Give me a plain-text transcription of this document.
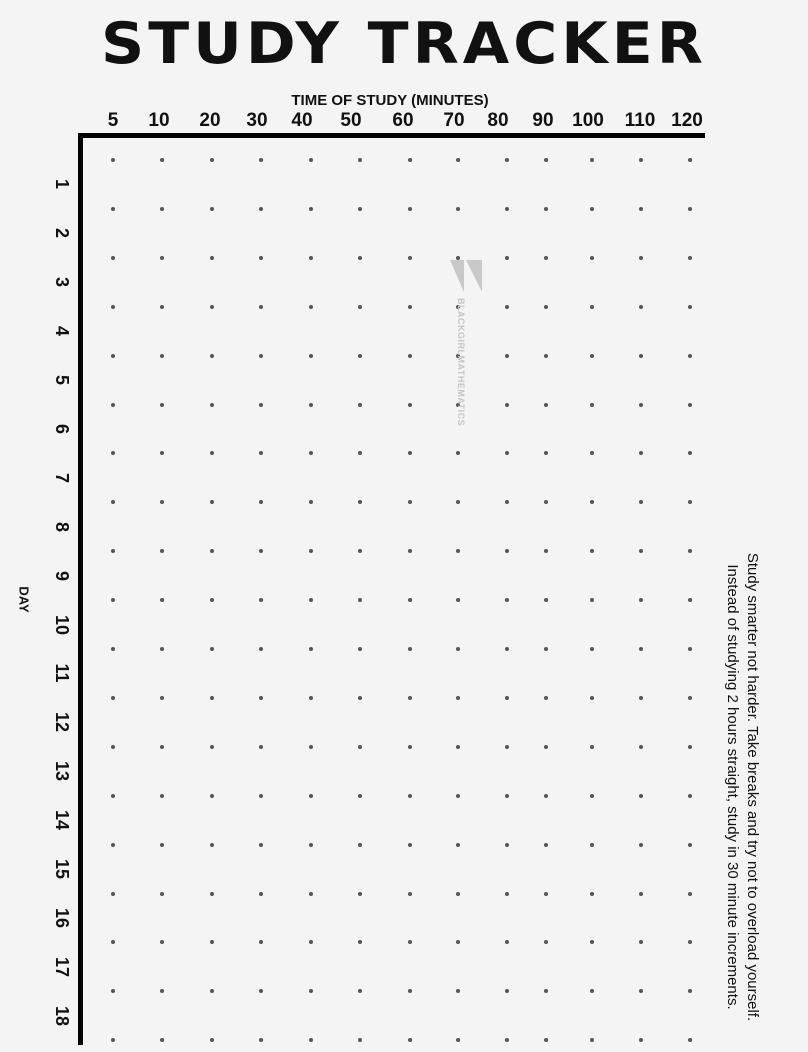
STUDY TRACKER
TIME OF STUDY (MINUTES)
5	10	20	30	40	50	60	70	80	90 100	110 120
1
2
3
4
5
6
7
8
9
10
11
12
13
14
15
16
17
18
DAY
BLACKGIRLMATHEMATICS
Study smarter not harder. Take breaks and try not to overload yourself.
Instead of studying 2 hours straight, study in 30 minute increments.
